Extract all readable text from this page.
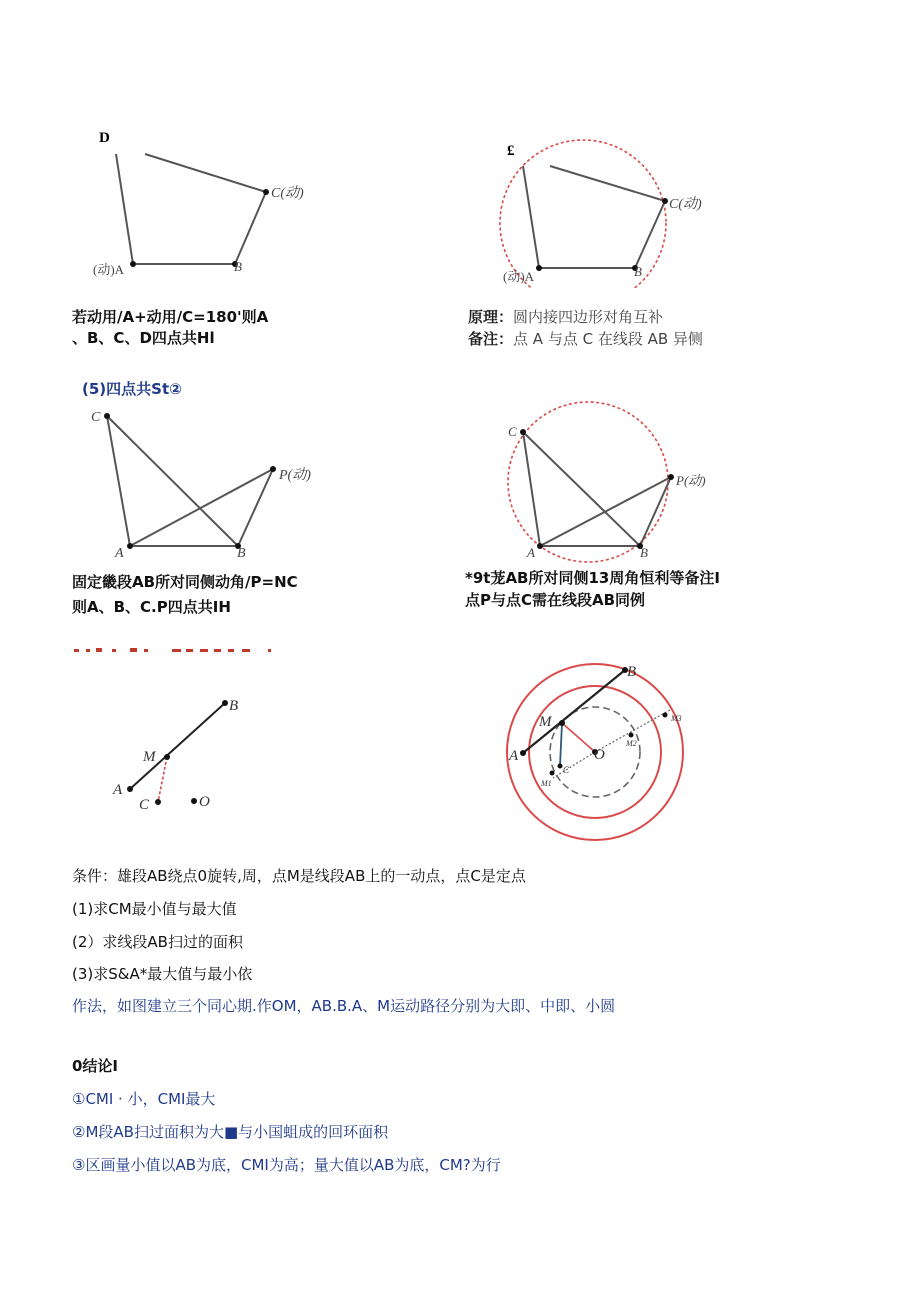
D
C(动)
(动)A	B
£
C(动)
(动)A	B
若动用/A+动用/C=180'则A
、B、C、D四点共Hl
原理：圆内接四边形对角互补
备注：点 A 与点 C 在线段 AB 异侧
(5)四点共St②
C
P(动)
A	B
C
P(动)
A	B
固定畿段AB所对同侧动角/P=NC
则A、B、C.P四点共IH
*9t茏AB所对同侧13周角恒利等备注I
点P与点C需在线段AB同例
B
M
A
C	O
B
M
A	O
C
M1
M2
M3
条件：雄段AB绕点0旋转,周，点M是线段AB上的一动点，点C是定点
(1)求CM最小值与最大值
(2）求线段AB扫过的面积
(3)求S&A*最大值与最小依
作法，如图建立三个同心期.作OM，AB.B.A、M运动路径分别为大即、中即、小圆
0结论I
①CMI · 小，CMI最大
②M段AB扫过面积为大■与小国蛆成的回环面积
③区画量小值以AB为底，CMI为高；量大值以AB为底，CM?为行
